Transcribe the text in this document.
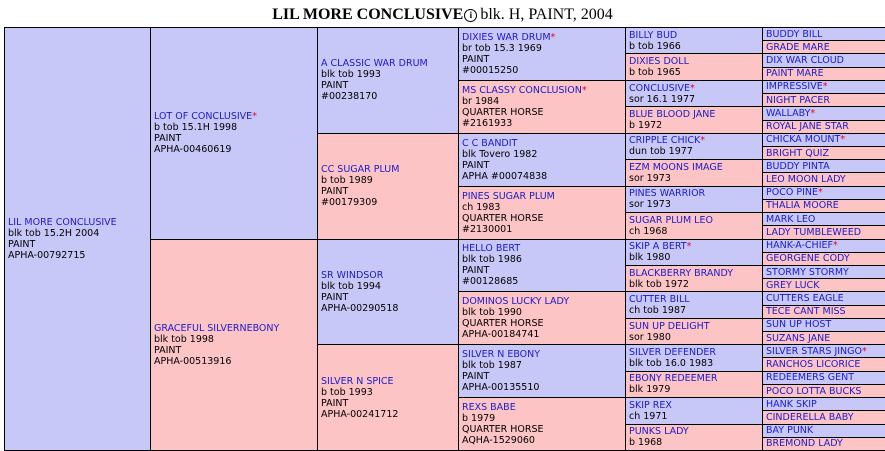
LIL MORE CONCLUSIVE i blk. H, PAINT, 2004
LIL MORE CONCLUSIVE
blk tob 15.2H 2004
PAINT
APHA-00792715
LOT OF CONCLUSIVE*
b tob 15.1H 1998
PAINT
APHA-00460619
GRACEFUL SILVERNEBONY
blk tob 1998
PAINT
APHA-00513916
A CLASSIC WAR DRUM
blk tob 1993
PAINT
#00238170
CC SUGAR PLUM
b tob 1989
PAINT
#00179309
SR WINDSOR
blk tob 1994
PAINT
APHA-00290518
SILVER N SPICE
b tob 1993
PAINT
APHA-00241712
DIXIES WAR DRUM*
br tob 15.3 1969
PAINT
#00015250
MS CLASSY CONCLUSION*
br 1984
QUARTER HORSE
#2161933
C C BANDIT
blk Tovero 1982
PAINT
APHA #00074838
PINES SUGAR PLUM
ch 1983
QUARTER HORSE
#2130001
HELLO BERT
blk tob 1986
PAINT
#00128685
DOMINOS LUCKY LADY
blk tob 1990
QUARTER HORSE
APHA-00184741
SILVER N EBONY
blk tob 1987
PAINT
APHA-00135510
REXS BABE
b 1979
QUARTER HORSE
AQHA-1529060
BILLY BUD
b tob 1966
DIXIES DOLL
b tob 1965
CONCLUSIVE*
sor 16.1 1977
BLUE BLOOD JANE
b 1972
CRIPPLE CHICK*
dun tob 1977
EZM MOONS IMAGE
sor 1973
PINES WARRIOR
sor 1973
SUGAR PLUM LEO
ch 1968
SKIP A BERT*
blk 1980
BLACKBERRY BRANDY
blk tob 1972
CUTTER BILL
ch tob 1987
SUN UP DELIGHT
sor 1980
SILVER DEFENDER
blk tob 16.0 1983
EBONY REDEEMER
blk 1979
SKIP REX
ch 1971
PUNKS LADY
b 1968
BUDDY BILL
GRADE MARE
DIX WAR CLOUD
PAINT MARE
IMPRESSIVE*
NIGHT PACER
WALLABY*
ROYAL JANE STAR
CHICKA MOUNT*
BRIGHT QUIZ
BUDDY PINTA
LEO MOON LADY
POCO PINE*
THALIA MOORE
MARK LEO
LADY TUMBLEWEED
HANK-A-CHIEF*
GEORGENE CODY
STORMY STORMY
GREY LUCK
CUTTERS EAGLE
TECE CANT MISS
SUN UP HOST
SUZANS JANE
SILVER STARS JINGO*
RANCHOS LICORICE
REDEEMERS GENT
POCO LOTTA BUCKS
HANK SKIP
CINDERELLA BABY
BAY PUNK
BREMOND LADY
